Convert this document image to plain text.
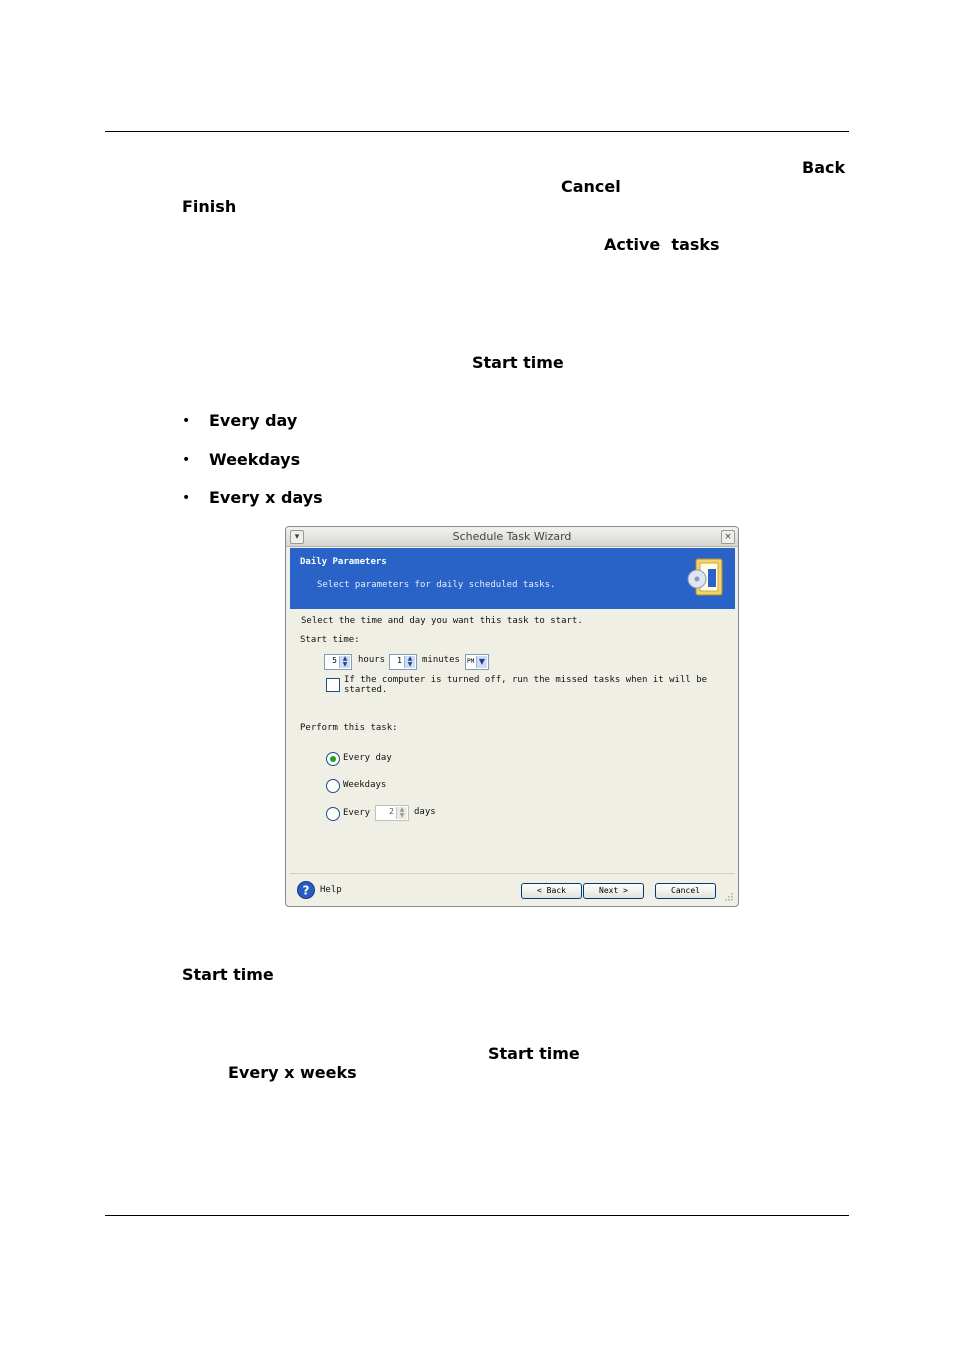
Back
Cancel
Finish
Active  tasks
Start time
• Every day
• Weekdays
• Every x days
▾	Schedule Task Wizard	×
Daily Parameters
Select parameters for daily scheduled tasks.
Select the time and day you want this task to start.
Start time:
5 ▲
▼ hours 1 ▲
▼ minutes PM ▼
If the computer is turned off, run the missed tasks when it will be
started.
Perform this task:
Every day
Weekdays
Every 2 ▲
▼ days
? Help	< Back	Next >	Cancel
Start time
Start time
Every x weeks
